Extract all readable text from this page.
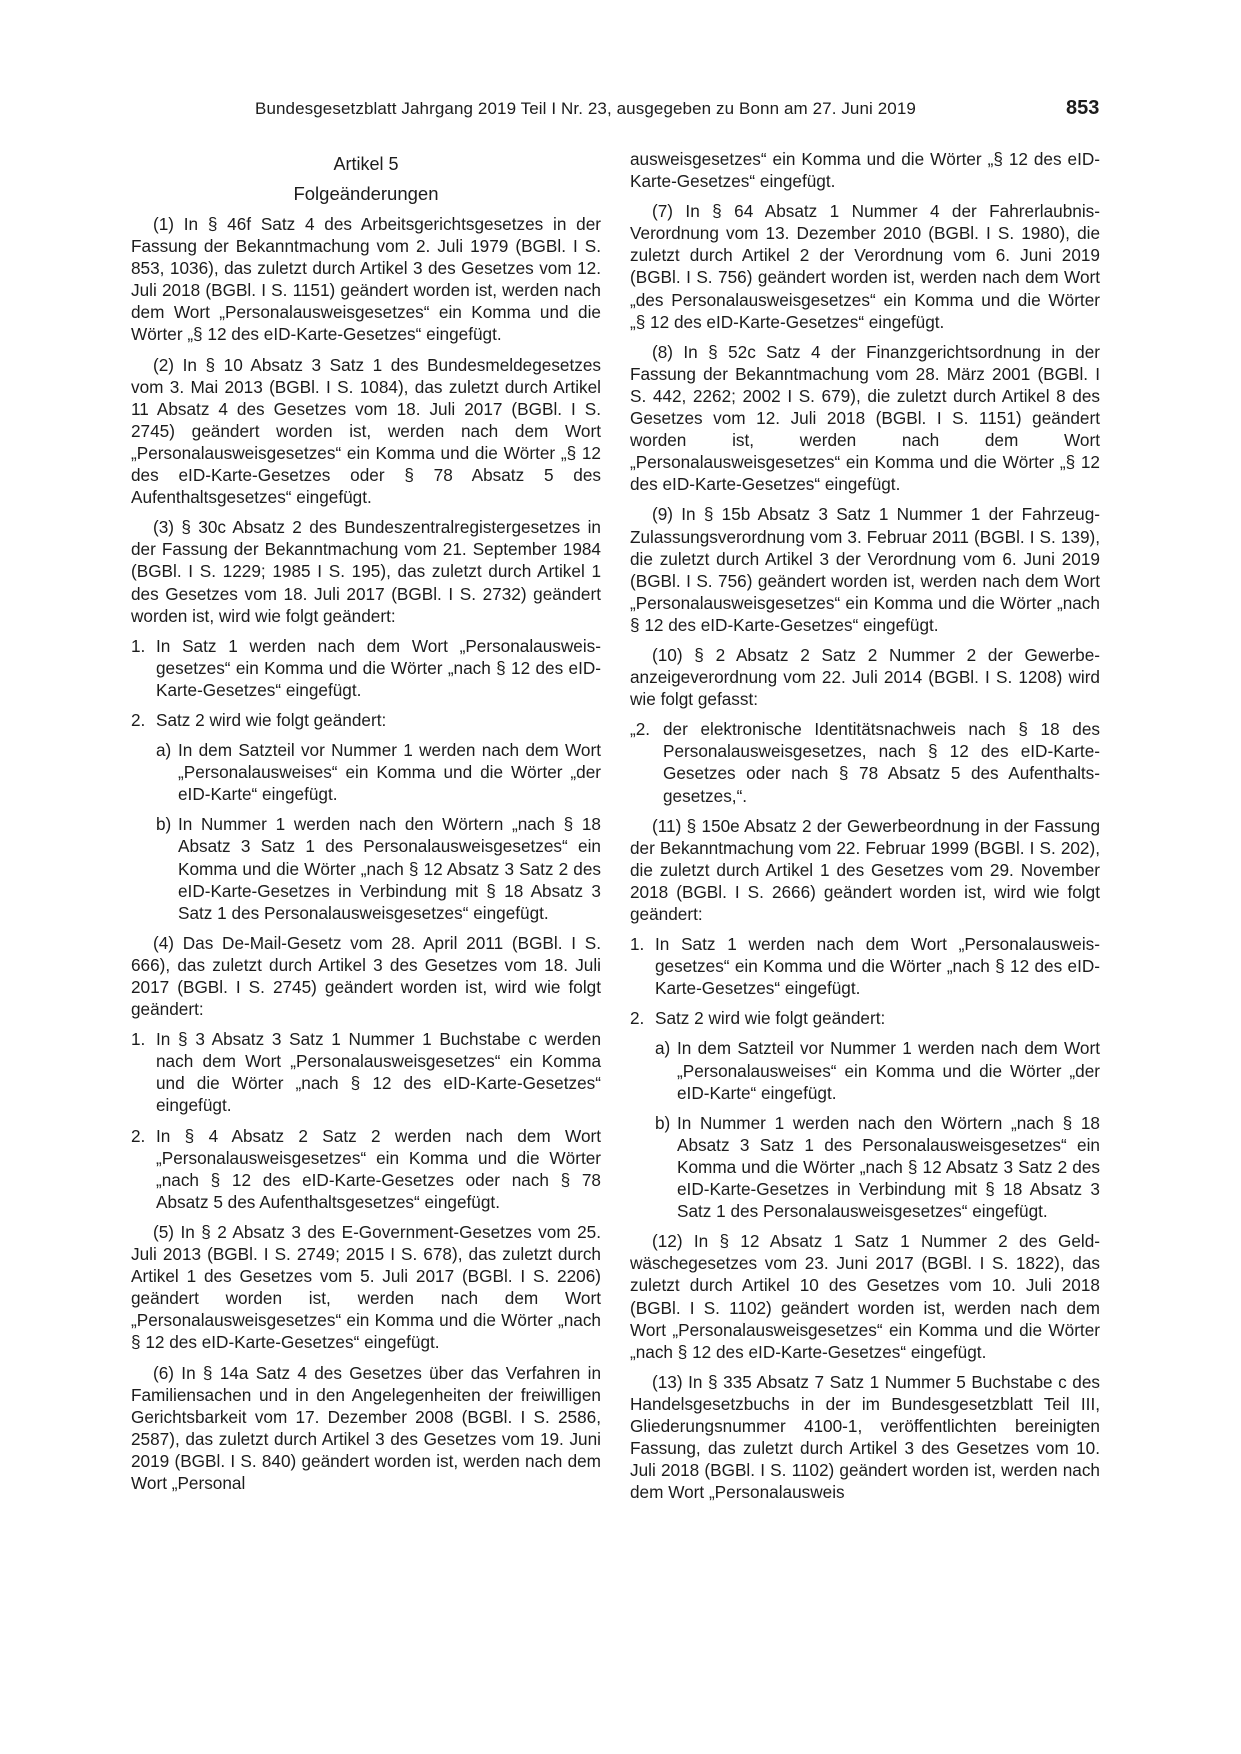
Bundesgesetzblatt Jahrgang 2019 Teil I Nr. 23, ausgegeben zu Bonn am 27. Juni 2019	853
Artikel 5
Folgeänderungen

(1) In § 46f Satz 4 des Arbeitsgerichtsgesetzes in der Fassung der Bekanntmachung vom 2. Juli 1979 (BGBl. I S. 853, 1036), das zuletzt durch Artikel 3 des Gesetzes vom 12. Juli 2018 (BGBl. I S. 1151) geändert worden ist, werden nach dem Wort „Personalausweisgesetzes“ ein Komma und die Wörter „§ 12 des eID-Karte-Gesetzes“ eingefügt.

(2) In § 10 Absatz 3 Satz 1 des Bundesmeldegesetzes vom 3. Mai 2013 (BGBl. I S. 1084), das zuletzt durch Artikel 11 Absatz 4 des Gesetzes vom 18. Juli 2017 (BGBl. I S. 2745) geändert worden ist, werden nach dem Wort „Personalausweisgesetzes“ ein Komma und die Wörter „§ 12 des eID-Karte-Gesetzes oder § 78 Absatz 5 des Aufenthaltsgesetzes“ eingefügt.

(3) § 30c Absatz 2 des Bundeszentralregistergesetzes in der Fassung der Bekanntmachung vom 21. September 1984 (BGBl. I S. 1229; 1985 I S. 195), das zuletzt durch Artikel 1 des Gesetzes vom 18. Juli 2017 (BGBl. I S. 2732) geändert worden ist, wird wie folgt geändert:

1. In Satz 1 werden nach dem Wort „Personalausweisgesetzes“ ein Komma und die Wörter „nach § 12 des eID-Karte-Gesetzes“ eingefügt.
2. Satz 2 wird wie folgt geändert:
a) In dem Satzteil vor Nummer 1 werden nach dem Wort „Personalausweises“ ein Komma und die Wörter „der eID-Karte“ eingefügt.
b) In Nummer 1 werden nach den Wörtern „nach § 18 Absatz 3 Satz 1 des Personalausweisgesetzes“ ein Komma und die Wörter „nach § 12 Absatz 3 Satz 2 des eID-Karte-Gesetzes in Verbindung mit § 18 Absatz 3 Satz 1 des Personalausweisgesetzes“ eingefügt.

(4) Das De-Mail-Gesetz vom 28. April 2011 (BGBl. I S. 666), das zuletzt durch Artikel 3 des Gesetzes vom 18. Juli 2017 (BGBl. I S. 2745) geändert worden ist, wird wie folgt geändert:

1. In § 3 Absatz 3 Satz 1 Nummer 1 Buchstabe c werden nach dem Wort „Personalausweisgesetzes“ ein Komma und die Wörter „nach § 12 des eID-Karte-Gesetzes“ eingefügt.
2. In § 4 Absatz 2 Satz 2 werden nach dem Wort „Personalausweisgesetzes“ ein Komma und die Wörter „nach § 12 des eID-Karte-Gesetzes oder nach § 78 Absatz 5 des Aufenthaltsgesetzes“ eingefügt.

(5) In § 2 Absatz 3 des E-Government-Gesetzes vom 25. Juli 2013 (BGBl. I S. 2749; 2015 I S. 678), das zuletzt durch Artikel 1 des Gesetzes vom 5. Juli 2017 (BGBl. I S. 2206) geändert worden ist, werden nach dem Wort „Personalausweisgesetzes“ ein Komma und die Wörter „nach § 12 des eID-Karte-Gesetzes“ eingefügt.

(6) In § 14a Satz 4 des Gesetzes über das Verfahren in Familiensachen und in den Angelegenheiten der freiwilligen Gerichtsbarkeit vom 17. Dezember 2008 (BGBl. I S. 2586, 2587), das zuletzt durch Artikel 3 des Gesetzes vom 19. Juni 2019 (BGBl. I S. 840) geändert worden ist, werden nach dem Wort „Personal

ausweisgesetzes“ ein Komma und die Wörter „§ 12 des eID-Karte-Gesetzes“ eingefügt.

(7) In § 64 Absatz 1 Nummer 4 der Fahrerlaubnis-Verordnung vom 13. Dezember 2010 (BGBl. I S. 1980), die zuletzt durch Artikel 2 der Verordnung vom 6. Juni 2019 (BGBl. I S. 756) geändert worden ist, werden nach dem Wort „des Personalausweisgesetzes“ ein Komma und die Wörter „§ 12 des eID-Karte-Gesetzes“ eingefügt.

(8) In § 52c Satz 4 der Finanzgerichtsordnung in der Fassung der Bekanntmachung vom 28. März 2001 (BGBl. I S. 442, 2262; 2002 I S. 679), die zuletzt durch Artikel 8 des Gesetzes vom 12. Juli 2018 (BGBl. I S. 1151) geändert worden ist, werden nach dem Wort „Personalausweisgesetzes“ ein Komma und die Wörter „§ 12 des eID-Karte-Gesetzes“ eingefügt.

(9) In § 15b Absatz 3 Satz 1 Nummer 1 der Fahrzeug-Zulassungsverordnung vom 3. Februar 2011 (BGBl. I S. 139), die zuletzt durch Artikel 3 der Verordnung vom 6. Juni 2019 (BGBl. I S. 756) geändert worden ist, werden nach dem Wort „Personalausweisgesetzes“ ein Komma und die Wörter „nach § 12 des eID-Karte-Gesetzes“ eingefügt.

(10) § 2 Absatz 2 Satz 2 Nummer 2 der Gewerbeanzeigeverordnung vom 22. Juli 2014 (BGBl. I S. 1208) wird wie folgt gefasst:

„2. der elektronische Identitätsnachweis nach § 18 des Personalausweisgesetzes, nach § 12 des eID-Karte-Gesetzes oder nach § 78 Absatz 5 des Aufenthaltsgesetzes,“.

(11) § 150e Absatz 2 der Gewerbeordnung in der Fassung der Bekanntmachung vom 22. Februar 1999 (BGBl. I S. 202), die zuletzt durch Artikel 1 des Gesetzes vom 29. November 2018 (BGBl. I S. 2666) geändert worden ist, wird wie folgt geändert:

1. In Satz 1 werden nach dem Wort „Personalausweisgesetzes“ ein Komma und die Wörter „nach § 12 des eID-Karte-Gesetzes“ eingefügt.
2. Satz 2 wird wie folgt geändert:
a) In dem Satzteil vor Nummer 1 werden nach dem Wort „Personalausweises“ ein Komma und die Wörter „der eID-Karte“ eingefügt.
b) In Nummer 1 werden nach den Wörtern „nach § 18 Absatz 3 Satz 1 des Personalausweisgesetzes“ ein Komma und die Wörter „nach § 12 Absatz 3 Satz 2 des eID-Karte-Gesetzes in Verbindung mit § 18 Absatz 3 Satz 1 des Personalausweisgesetzes“ eingefügt.

(12) In § 12 Absatz 1 Satz 1 Nummer 2 des Geldwäschegesetzes vom 23. Juni 2017 (BGBl. I S. 1822), das zuletzt durch Artikel 10 des Gesetzes vom 10. Juli 2018 (BGBl. I S. 1102) geändert worden ist, werden nach dem Wort „Personalausweisgesetzes“ ein Komma und die Wörter „nach § 12 des eID-Karte-Gesetzes“ eingefügt.

(13) In § 335 Absatz 7 Satz 1 Nummer 5 Buchstabe c des Handelsgesetzbuchs in der im Bundesgesetzblatt Teil III, Gliederungsnummer 4100-1, veröffentlichten bereinigten Fassung, das zuletzt durch Artikel 3 des Gesetzes vom 10. Juli 2018 (BGBl. I S. 1102) geändert worden ist, werden nach dem Wort „Personalausweis
